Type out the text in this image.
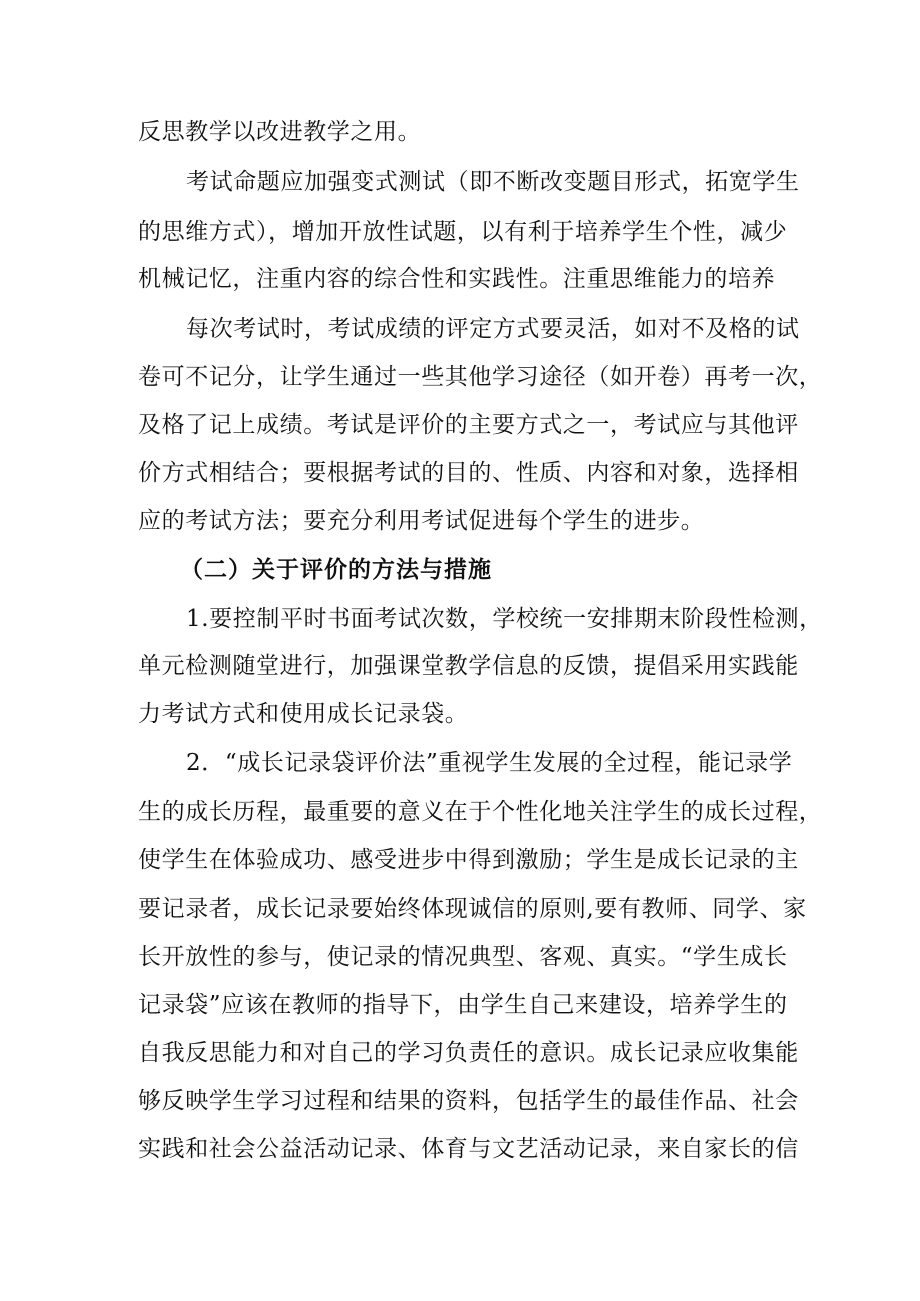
反思教学以改进教学之用。
考试命题应加强变式测试（即不断改变题目形式，拓宽学生
的思维方式），增加开放性试题，以有利于培养学生个性，减少
机械记忆，注重内容的综合性和实践性。注重思维能力的培养
每次考试时，考试成绩的评定方式要灵活，如对不及格的试
卷可不记分，让学生通过一些其他学习途径（如开卷）再考一次，
及格了记上成绩。考试是评价的主要方式之一，考试应与其他评
价方式相结合；要根据考试的目的、性质、内容和对象，选择相
应的考试方法；要充分利用考试促进每个学生的进步。
（二）关于评价的方法与措施
1.要控制平时书面考试次数，学校统一安排期末阶段性检测，
单元检测随堂进行，加强课堂教学信息的反馈，提倡采用实践能
力考试方式和使用成长记录袋。
2．“成长记录袋评价法”重视学生发展的全过程，能记录学
生的成长历程，最重要的意义在于个性化地关注学生的成长过程，
使学生在体验成功、感受进步中得到激励；学生是成长记录的主
要记录者，成长记录要始终体现诚信的原则,要有教师、同学、家
长开放性的参与，使记录的情况典型、客观、真实。“学生成长
记录袋”应该在教师的指导下，由学生自己来建设，培养学生的
自我反思能力和对自己的学习负责任的意识。成长记录应收集能
够反映学生学习过程和结果的资料，包括学生的最佳作品、社会
实践和社会公益活动记录、体育与文艺活动记录，来自家长的信
